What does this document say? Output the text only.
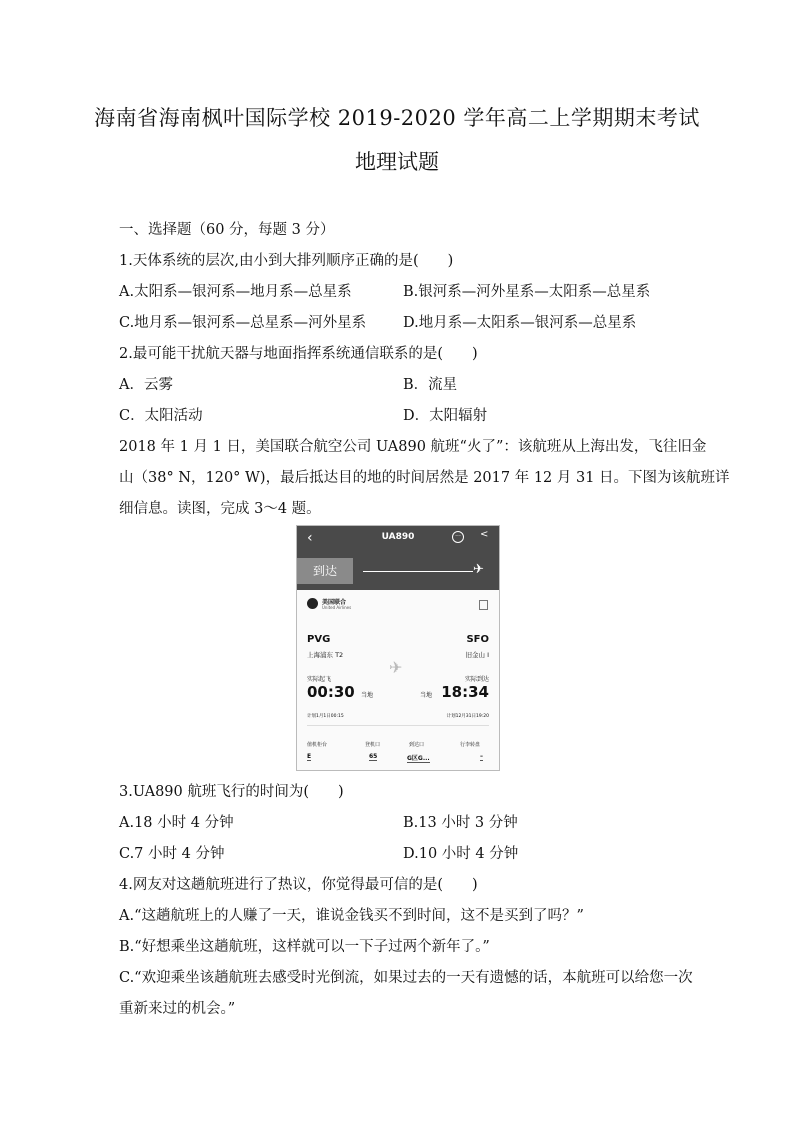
海南省海南枫叶国际学校 2019-2020 学年高二上学期期末考试
地理试题
一、选择题（60 分，每题 3 分）
1.天体系统的层次,由小到大排列顺序正确的是(　　)
A.太阳系—银河系—地月系—总星系	B.银河系—河外星系—太阳系—总星系
C.地月系—银河系—总星系—河外星系	D.地月系—太阳系—银河系—总星系
2.最可能干扰航天器与地面指挥系统通信联系的是(　　)
A．云雾	B．流星
C．太阳活动	D．太阳辐射
2018 年 1 月 1 日，美国联合航空公司 UA890 航班“火了”：该航班从上海出发，飞往旧金
山（38° N，120° W)，最后抵达目的地的时间居然是 2017 年 12 月 31 日。下图为该航班详
细信息。读图，完成 3～4 题。
‹	UA890	···	<
到达	✈
美国联合
United Airlines
PVG	SFO
上海浦东 T2	旧金山 I
✈
实际起飞	实际到达
00:30 当地	当地 18:34
计划1月1日00:15	计划12月31日19:20
值机柜台	登机口	到达口	行李转盘
E	65	G区G...	–
3.UA890 航班飞行的时间为(　　)
A.18 小时 4 分钟	B.13 小时 3 分钟
C.7 小时 4 分钟	D.10 小时 4 分钟
4.网友对这趟航班进行了热议，你觉得最可信的是(　　)
A.“这趟航班上的人赚了一天，谁说金钱买不到时间，这不是买到了吗？”
B.“好想乘坐这趟航班，这样就可以一下子过两个新年了。”
C.“欢迎乘坐该趟航班去感受时光倒流，如果过去的一天有遗憾的话，本航班可以给您一次
重新来过的机会。”
